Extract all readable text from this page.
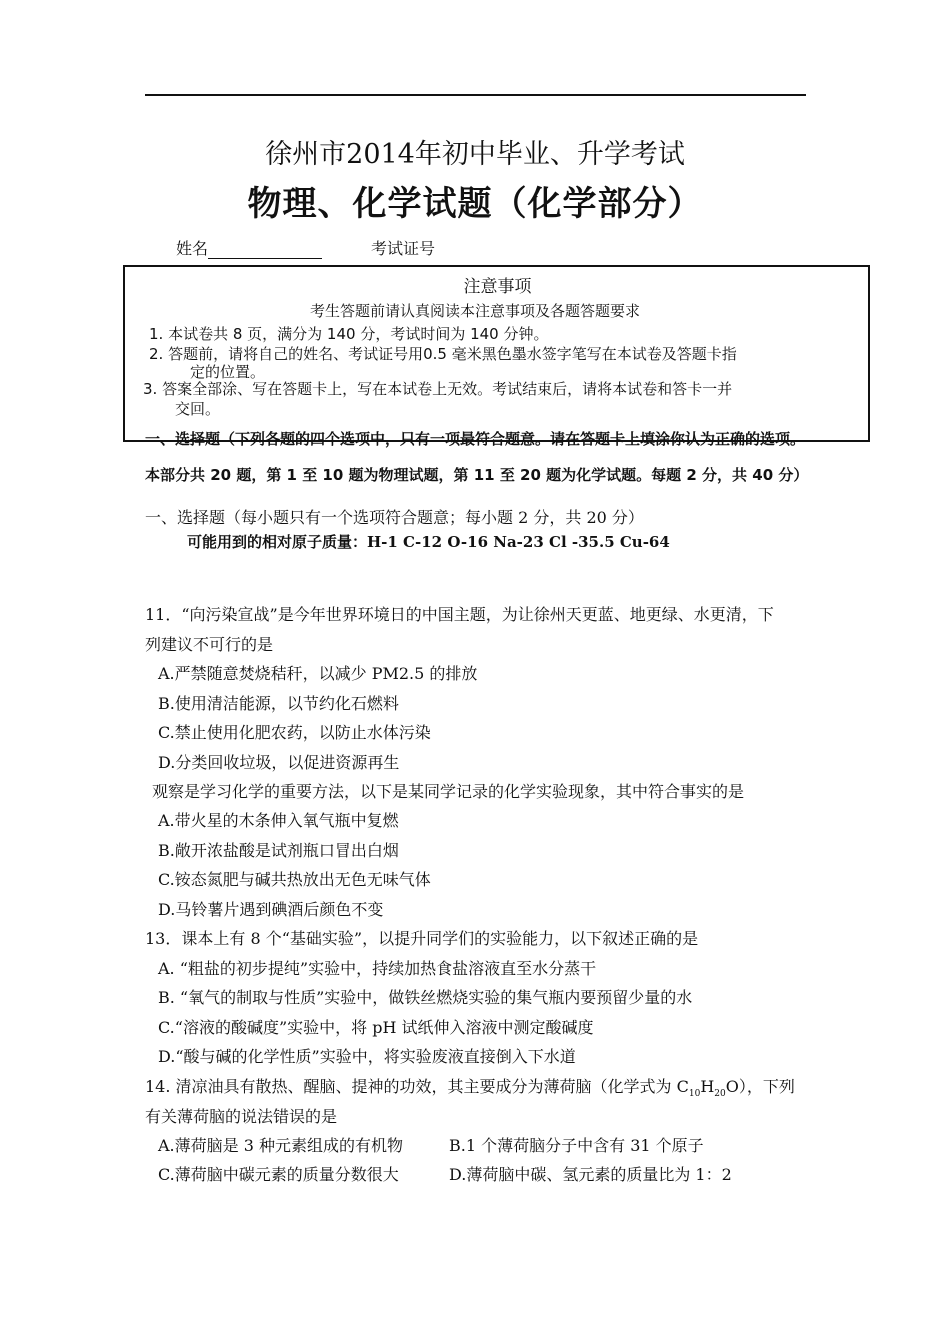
徐州市2014年初中毕业、升学考试
物理、化学试题（化学部分）
姓名	考试证号
注意事项
考生答题前请认真阅读本注意事项及各题答题要求
1. 本试卷共 8 页，满分为 140 分，考试时间为 140 分钟。
2. 答题前，请将自己的姓名、考试证号用0.5 毫米黑色墨水签字笔写在本试卷及答题卡指
定的位置。
3. 答案全部涂、写在答题卡上，写在本试卷上无效。考试结束后，请将本试卷和答卡一并
交回。
一、选择题（下列各题的四个选项中，只有一项最符合题意。请在答题卡上填涂你认为正确的选项。
本部分共 20 题，第 1 至 10 题为物理试题，第 11 至 20 题为化学试题。每题 2 分，共 40 分）
一、选择题（每小题只有一个选项符合题意；每小题 2 分，共 20 分）
可能用到的相对原子质量：H-1 C-12 O-16 Na-23 Cl -35.5 Cu-64
11．“向污染宣战”是今年世界环境日的中国主题，为让徐州天更蓝、地更绿、水更清，下
列建议不可行的是
A.严禁随意焚烧秸秆，以减少 PM2.5 的排放
B.使用清洁能源，以节约化石燃料
C.禁止使用化肥农药，以防止水体污染
D.分类回收垃圾，以促进资源再生
观察是学习化学的重要方法，以下是某同学记录的化学实验现象，其中符合事实的是
A.带火星的木条伸入氧气瓶中复燃
B.敞开浓盐酸是试剂瓶口冒出白烟
C.铵态氮肥与碱共热放出无色无味气体
D.马铃薯片遇到碘酒后颜色不变
13．课本上有 8 个“基础实验”，以提升同学们的实验能力，以下叙述正确的是
A. “粗盐的初步提纯”实验中，持续加热食盐溶液直至水分蒸干
B. “氧气的制取与性质”实验中，做铁丝燃烧实验的集气瓶内要预留少量的水
C.“溶液的酸碱度”实验中，将 pH 试纸伸入溶液中测定酸碱度
D.“酸与碱的化学性质”实验中，将实验废液直接倒入下水道
14. 清凉油具有散热、醒脑、提神的功效，其主要成分为薄荷脑（化学式为 $C_{10}H_{20}O$），下列
有关薄荷脑的说法错误的是
A.薄荷脑是 3 种元素组成的有机物	B.1 个薄荷脑分子中含有 31 个原子
C.薄荷脑中碳元素的质量分数很大	D.薄荷脑中碳、氢元素的质量比为 1：2
